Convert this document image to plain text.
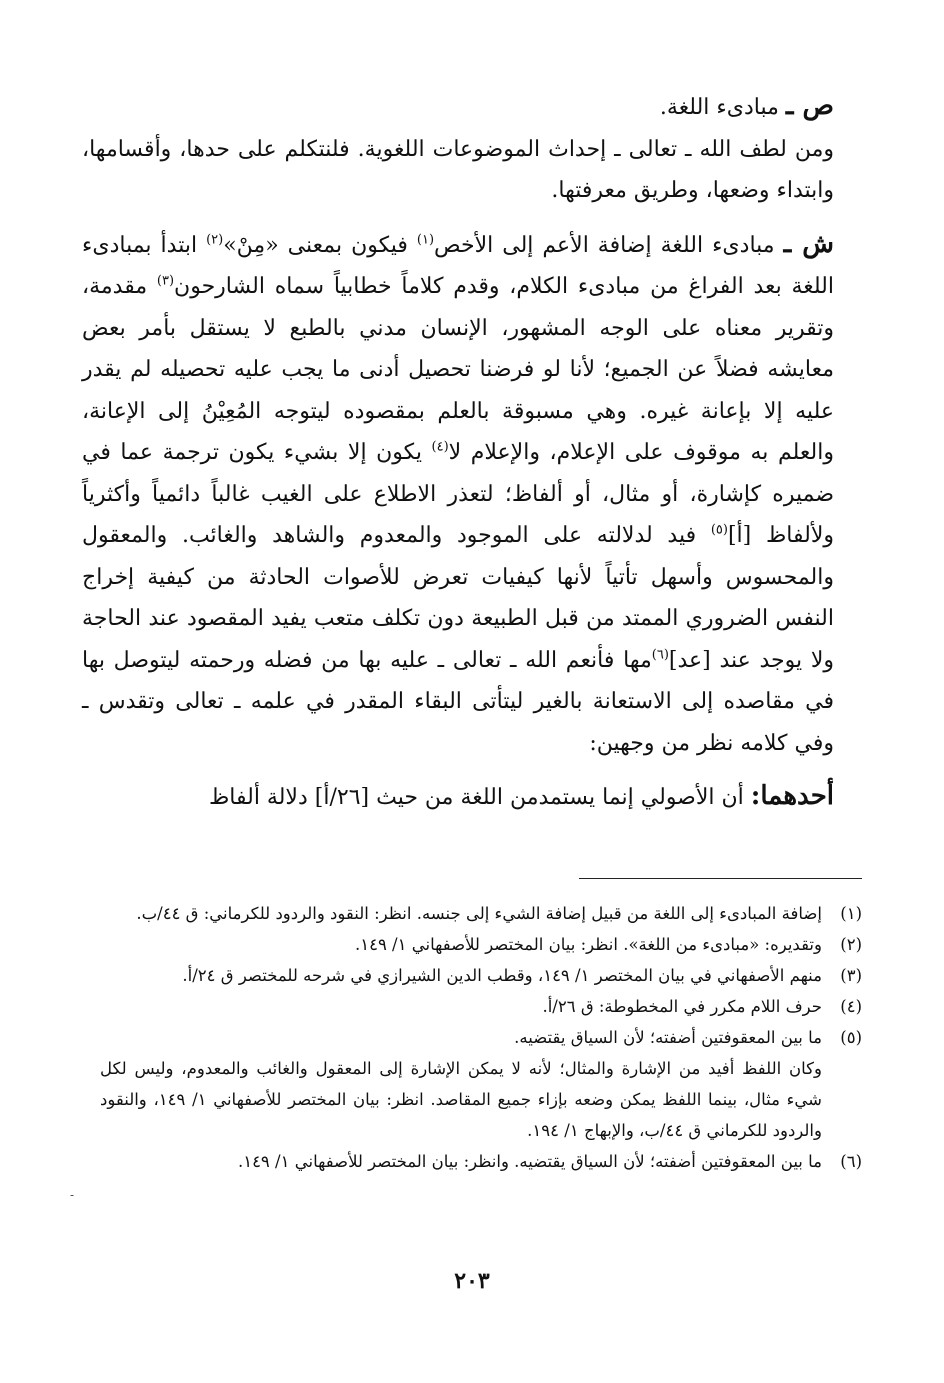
ص ـ مبادىء اللغة.

ومن لطف الله ـ تعالى ـ إحداث الموضوعات اللغوية. فلنتكلم على حدها، وأقسامها، وابتداء وضعها، وطريق معرفتها.

ش ـ مبادىء اللغة إضافة الأعم إلى الأخص$^{(١)}$ فيكون بمعنى «مِنْ»$^{(٢)}$ ابتدأ بمبادىء اللغة بعد الفراغ من مبادىء الكلام، وقدم كلاماً خطابياً سماه الشارحون$^{(٣)}$ مقدمة، وتقرير معناه على الوجه المشهور، الإنسان مدني بالطبع لا يستقل بأمر بعض معايشه فضلاً عن الجميع؛ لأنا لو فرضنا تحصيل أدنى ما يجب عليه تحصيله لم يقدر عليه إلا بإعانة غيره. وهي مسبوقة بالعلم بمقصوده ليتوجه المُعِيْنُ إلى الإعانة، والعلم به موقوف على الإعلام، والإعلام لا$^{(٤)}$ يكون إلا بشيء يكون ترجمة عما في ضميره كإشارة، أو مثال، أو ألفاظ؛ لتعذر الاطلاع على الغيب غالباً دائمياً وأكثرياً ولألفاظ [أ]$^{(٥)}$ فيد لدلالته على الموجود والمعدوم والشاهد والغائب. والمعقول والمحسوس وأسهل تأتياً لأنها كيفيات تعرض للأصوات الحادثة من كيفية إخراج النفس الضروري الممتد من قبل الطبيعة دون تكلف متعب يفيد المقصود عند الحاجة ولا يوجد عند [عد]$^{(٦)}$مها فأنعم الله ـ تعالى ـ عليه بها من فضله ورحمته ليتوصل بها في مقاصده إلى الاستعانة بالغير ليتأتى البقاء المقدر في علمه ـ تعالى وتقدس ـ وفي كلامه نظر من وجهين:

أحدهما: أن الأصولي إنما يستمدمن اللغة من حيث [٢٦/أ] دلالة ألفاظ

(١)
إضافة المبادىء إلى اللغة من قبيل إضافة الشيء إلى جنسه. انظر: النقود والردود للكرماني: ق ٤٤/ب.
(٢)
وتقديره: «مبادىء من اللغة». انظر: بيان المختصر للأصفهاني ١/ ١٤٩.
(٣)
منهم الأصفهاني في بيان المختصر ١/ ١٤٩، وقطب الدين الشيرازي في شرحه للمختصر ق ٢٤/أ.
(٤)
حرف اللام مكرر في المخطوطة: ق ٢٦/أ.
(٥)
ما بين المعقوفتين أضفته؛ لأن السياق يقتضيه.
وكان اللفظ أفيد من الإشارة والمثال؛ لأنه لا يمكن الإشارة إلى المعقول والغائب والمعدوم، وليس لكل شيء مثال، بينما اللفظ يمكن وضعه بإزاء جميع المقاصد. انظر: بيان المختصر للأصفهاني ١/ ١٤٩، والنقود والردود للكرماني ق ٤٤/ب، والإبهاج ١/ ١٩٤.
(٦)
ما بين المعقوفتين أضفته؛ لأن السياق يقتضيه. وانظر: بيان المختصر للأصفهاني ١/ ١٤٩.
-
٢٠٣
